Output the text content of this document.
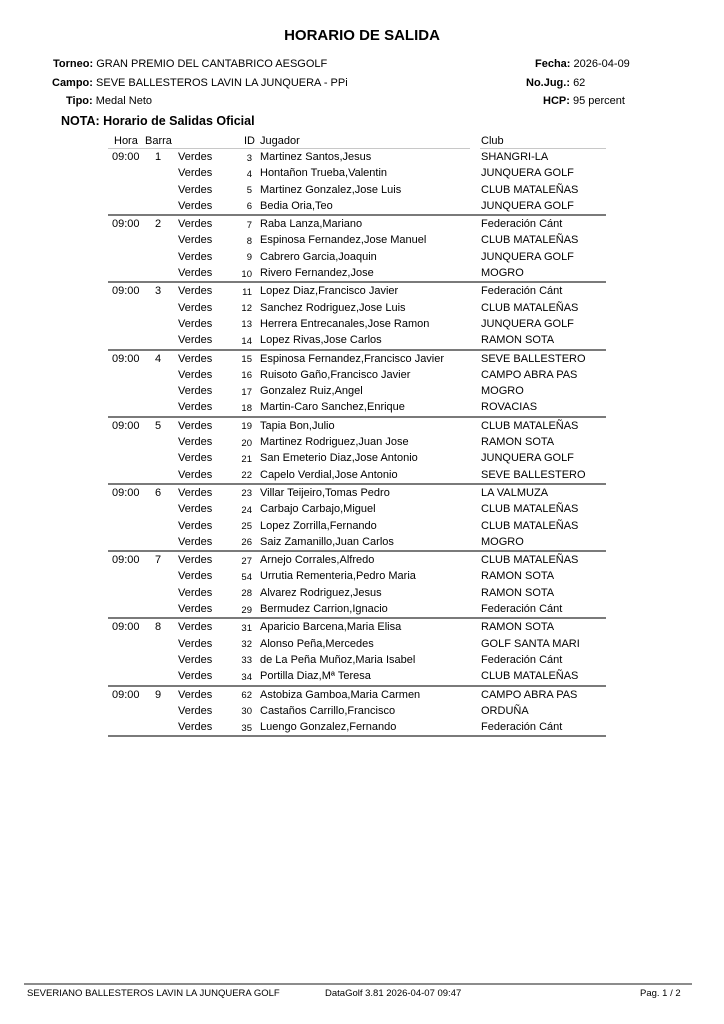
HORARIO DE SALIDA
Torneo: GRAN PREMIO DEL CANTABRICO AESGOLF
Campo: SEVE BALLESTEROS LAVIN LA JUNQUERA - PPi
Tipo: Medal Neto
Fecha: 2026-04-09
No.Jug.: 62
HCP: 95 percent
NOTA: Horario de Salidas Oficial
Hora Barra	ID Jugador	Club
09:00 1 Verdes	3 Martinez Santos,Jesus	SHANGRI-LA
Verdes	4 Hontañon Trueba,Valentin	JUNQUERA GOLF
Verdes	5 Martinez Gonzalez,Jose Luis	CLUB MATALEÑAS
Verdes	6 Bedia Oria,Teo	JUNQUERA GOLF
09:00 2 Verdes	7 Raba Lanza,Mariano	Federación Cánt
Verdes	8 Espinosa Fernandez,Jose Manuel	CLUB MATALEÑAS
Verdes	9 Cabrero Garcia,Joaquin	JUNQUERA GOLF
Verdes	10 Rivero Fernandez,Jose	MOGRO
09:00 3 Verdes	11 Lopez Diaz,Francisco Javier	Federación Cánt
Verdes	12 Sanchez Rodriguez,Jose Luis	CLUB MATALEÑAS
Verdes	13 Herrera Entrecanales,Jose Ramon	JUNQUERA GOLF
Verdes	14 Lopez Rivas,Jose Carlos	RAMON SOTA
09:00 4 Verdes	15 Espinosa Fernandez,Francisco Javier	SEVE BALLESTERO
Verdes	16 Ruisoto Gaño,Francisco Javier	CAMPO ABRA PAS
Verdes	17 Gonzalez Ruiz,Angel	MOGRO
Verdes	18 Martin-Caro Sanchez,Enrique	ROVACIAS
09:00 5 Verdes	19 Tapia Bon,Julio	CLUB MATALEÑAS
Verdes	20 Martinez Rodriguez,Juan Jose	RAMON SOTA
Verdes	21 San Emeterio Diaz,Jose Antonio	JUNQUERA GOLF
Verdes	22 Capelo Verdial,Jose Antonio	SEVE BALLESTERO
09:00 6 Verdes	23 Villar Teijeiro,Tomas Pedro	LA VALMUZA
Verdes	24 Carbajo Carbajo,Miguel	CLUB MATALEÑAS
Verdes	25 Lopez Zorrilla,Fernando	CLUB MATALEÑAS
Verdes	26 Saiz Zamanillo,Juan Carlos	MOGRO
09:00 7 Verdes	27 Arnejo Corrales,Alfredo	CLUB MATALEÑAS
Verdes	54 Urrutia Rementeria,Pedro Maria	RAMON SOTA
Verdes	28 Alvarez Rodriguez,Jesus	RAMON SOTA
Verdes	29 Bermudez Carrion,Ignacio	Federación Cánt
09:00 8 Verdes	31 Aparicio Barcena,Maria Elisa	RAMON SOTA
Verdes	32 Alonso Peña,Mercedes	GOLF SANTA MARI
Verdes	33 de La Peña Muñoz,Maria Isabel	Federación Cánt
Verdes	34 Portilla Diaz,Mª Teresa	CLUB MATALEÑAS
09:00 9 Verdes	62 Astobiza Gamboa,Maria Carmen	CAMPO ABRA PAS
Verdes	30 Castaños Carrillo,Francisco	ORDUÑA
Verdes	35 Luengo Gonzalez,Fernando	Federación Cánt
SEVERIANO BALLESTEROS LAVIN LA JUNQUERA GOLF	DataGolf 3.81 2026-04-07 09:47	Pag. 1 / 2
